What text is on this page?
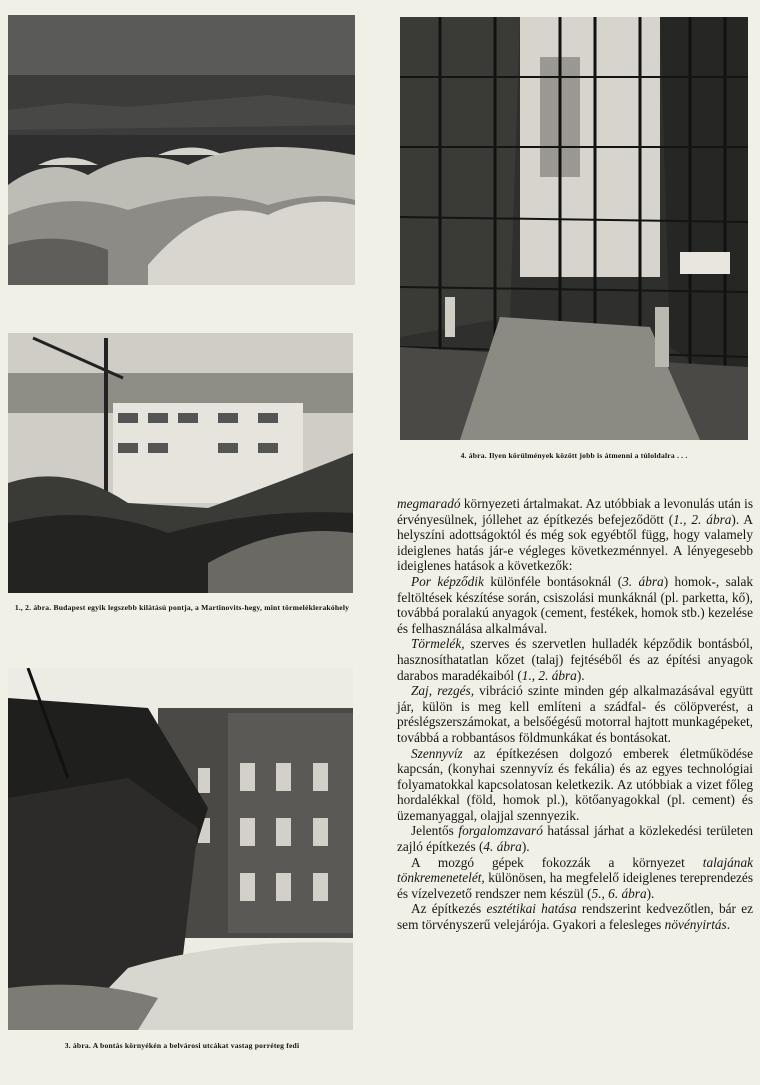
1., 2. ábra. Budapest egyik legszebb kilátású pontja, a Martinovits-hegy, mint törmeléklerakóhely
3. ábra. A bontás környékén a belvárosi utcákat vastag porréteg fedi
4. ábra. Ilyen körülmények között jobb is átmenni a túloldalra . . .

megmaradó környezeti ártalmakat. Az utóbbiak a levonulás után is érvényesülnek, jóllehet az építkezés befejeződött (1., 2. ábra). A helyszíni adottságoktól és még sok egyébtől függ, hogy valamely ideiglenes hatás jár-e végleges következménnyel. A lényegesebb ideiglenes hatások a következők:

Por képződik különféle bontásoknál (3. ábra) homok-, salak feltöltések készítése során, csiszolási munkáknál (pl. parketta, kő), továbbá poralakú anyagok (cement, festékek, homok stb.) kezelése és felhasználása alkalmával.

Törmelék, szerves és szervetlen hulladék képződik bontásból, hasznosíthatatlan kőzet (talaj) fejtéséből és az építési anyagok darabos maradékaiból (1., 2. ábra).

Zaj, rezgés, vibráció szinte minden gép alkalmazásával együtt jár, külön is meg kell említeni a szádfal- és cölöpverést, a préslégszerszámokat, a belsőégésű motorral hajtott munkagépeket, továbbá a robbantásos földmunkákat és bontásokat.

Szennyvíz az építkezésen dolgozó emberek életműködése kapcsán, (konyhai szennyvíz és fekália) és az egyes technológiai folyamatokkal kapcsolatosan keletkezik. Az utóbbiak a vizet főleg hordalékkal (föld, homok pl.), kötőanyagokkal (pl. cement) és üzemanyaggal, olajjal szennyezik.

Jelentős forgalomzavaró hatással járhat a közlekedési területen zajló építkezés (4. ábra).

A mozgó gépek fokozzák a környezet talajának tönkremenetelét, különösen, ha megfelelő ideiglenes tereprendezés és vízelvezető rendszer nem készül (5., 6. ábra).

Az építkezés esztétikai hatása rendszerint kedvezőtlen, bár ez sem törvényszerű velejárója. Gyakori a felesleges növényirtás.
